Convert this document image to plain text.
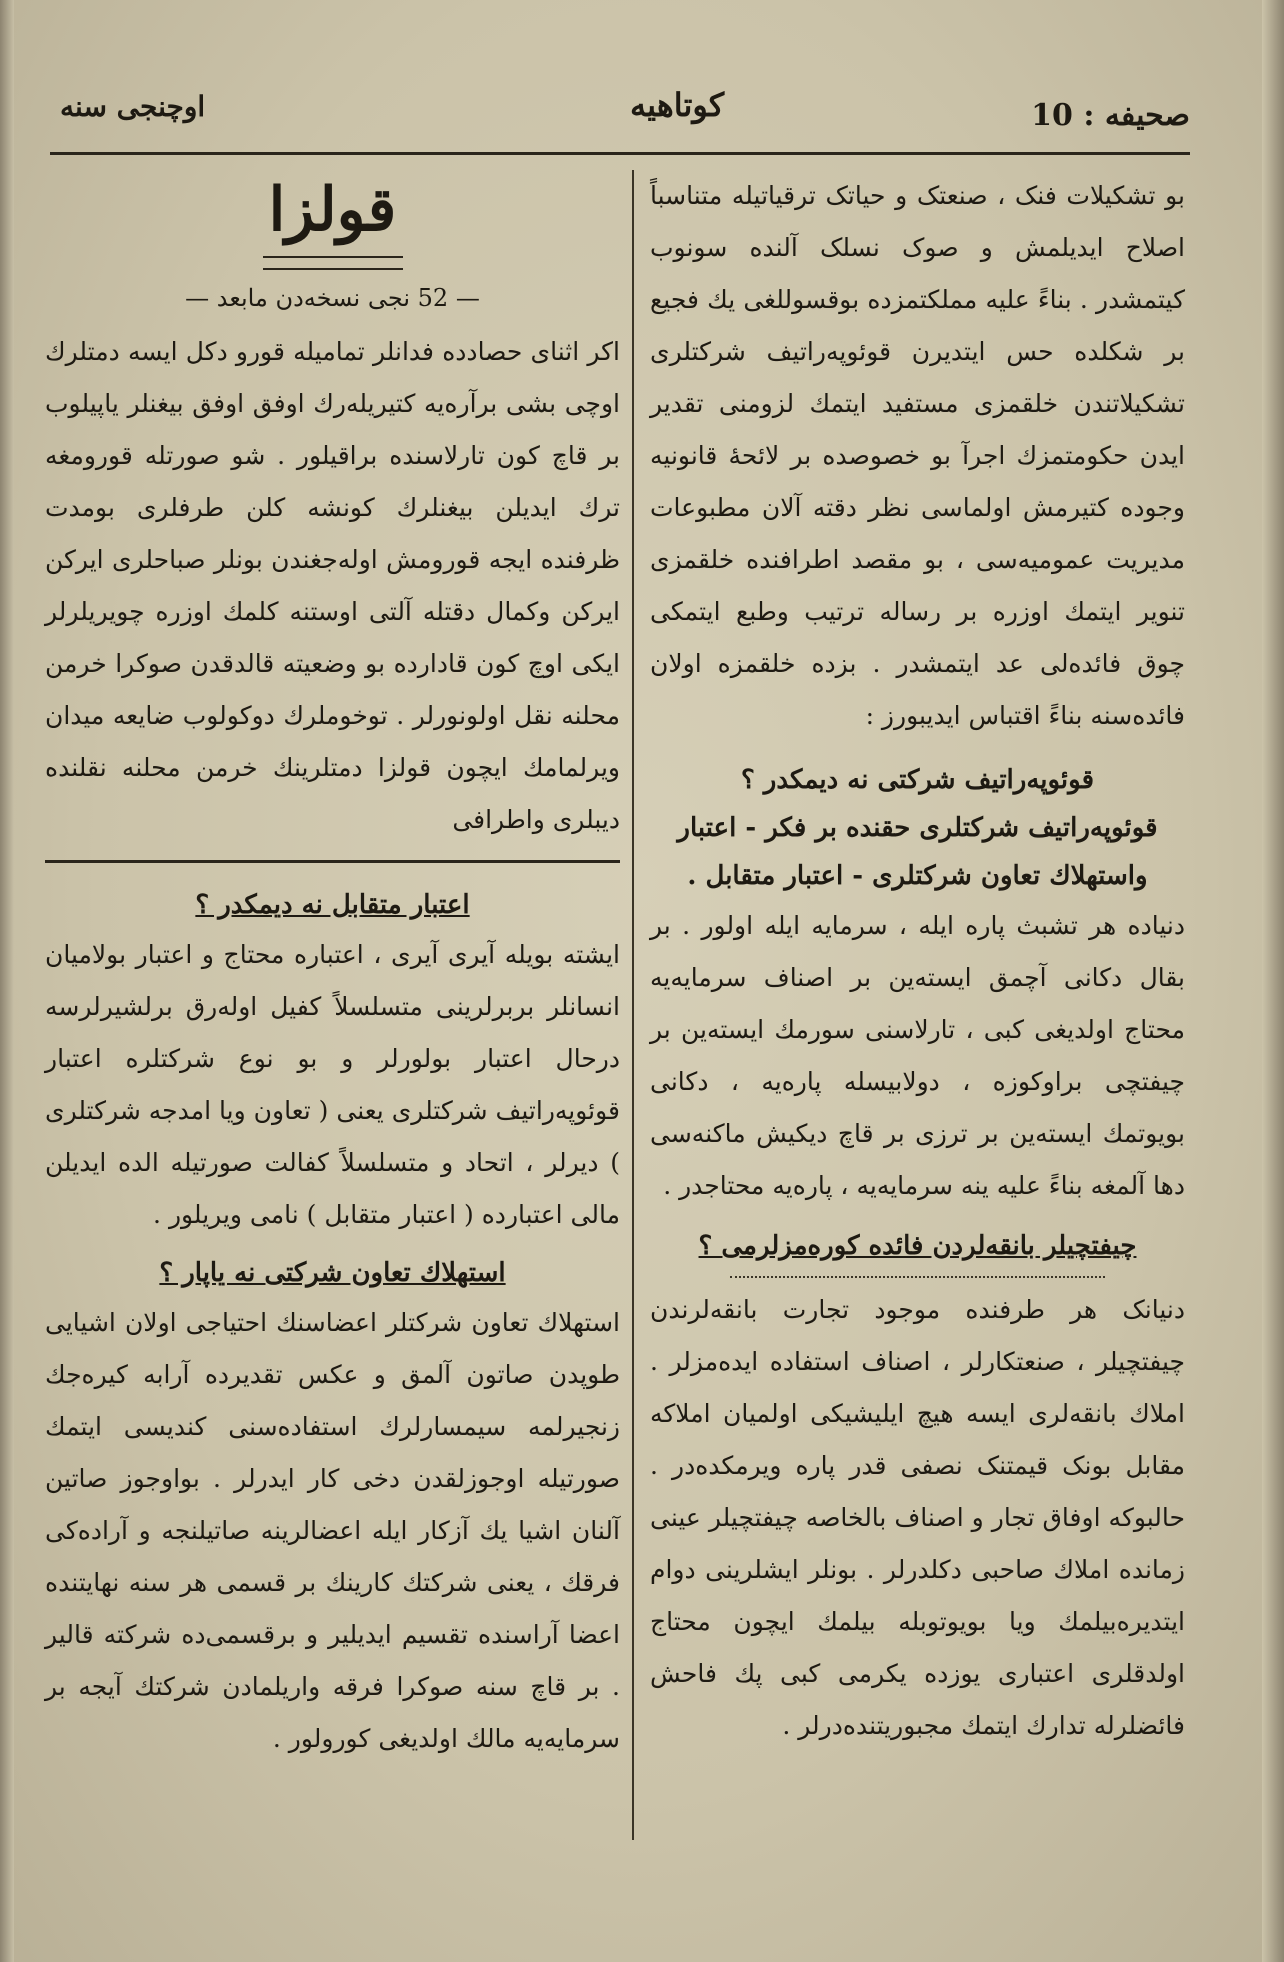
اوچنجی سنه	کوتاهیه	صحیفه : 10

بو تشکیلات فنک ، صنعتک و حیاتک ترقیاتیله متناسباً اصلاح ایدیلمش و صوک نسلک آلنده سونوب کیتمشدر . بناءً علیه مملکتمزده بوقسوللغی یك فجیع بر شکلده حس ایتدیرن قوئوپه‌راتیف شرکتلری تشکیلاتندن خلقمزی مستفید ایتمك لزومنی تقدیر ایدن حکومتمزك اجرآ بو خصوصده بر لائحهٔ قانونیه وجوده کتیرمش اولماسی نظر دقته آلان مطبوعات مدیریت عمومیه‌سی ، بو مقصد اطرافنده خلقمزی تنویر ایتمك اوزره بر رساله ترتیب وطبع ایتمکی چوق فائده‌لی عد ایتمشدر . بزده خلقمزه اولان فائده‌سنه بناءً اقتباس ایدیبورز :

قوئوپه‌راتیف شرکتی نه دیمکدر ؟
قوئوپه‌راتیف شرکتلری حقنده بر فکر - اعتبار واستهلاك تعاون شرکتلری - اعتبار متقابل .

دنیاده هر تشبث پاره ایله ، سرمایه ایله اولور . بر بقال دکانی آچمق ایسته‌ین بر اصناف سرمایه‌یه محتاج اولدیغی کبی ، تارلاسنی سورمك ایسته‌ین بر چیفتچی براوکوزه ، دولابیسله پاره‌یه ، دکانی بویوتمك ایسته‌ین بر ترزی بر قاچ دیکیش ماکنه‌سی دها آلمغه بناءً علیه ینه سرمایه‌یه ، پاره‌یه محتاجدر .

چیفتچیلر بانقه‌لردن فائده کوره‌مزلرمی ؟

دنیانک هر طرفنده موجود تجارت بانقه‌لرندن چیفتچیلر ، صنعتکارلر ، اصناف استفاده ایده‌مزلر . املاك بانقه‌لری ایسه هیچ ایلیشیکی اولمیان املاکه مقابل بونک قیمتنک نصفی قدر پاره ویرمکده‌در . حالبوکه اوفاق تجار و اصناف بالخاصه چیفتچیلر عینی زمانده املاك صاحبی دکلدرلر . بونلر ایشلرینی دوام ایتدیره‌بیلمك ویا بویوتوبله بیلمك ایچون محتاج اولدقلری اعتباری یوزده یکرمی کبی پك فاحش فائضلرله تدارك ایتمك مجبوریتنده‌درلر .

قولزا
— 52 نجی نسخه‌دن مابعد —

اکر اثنای حصادده فدانلر تماميله قورو دکل ایسه دمتلرك اوچی بشی برآره‌یه کتیریله‌رك اوفق اوفق بیغنلر یاپیلوب بر قاچ کون تارلاسنده براقیلور . شو صورتله قورومغه ترك ایدیلن بیغنلرك کونشه کلن طرفلری بومدت ظرفنده ایجه قورومش اوله‌جغندن بونلر صباحلری ایرکن ایرکن وکمال دقتله آلتی اوستنه کلمك اوزره چویریلرلر ایکی اوچ کون قادارده بو وضعیته قالدقدن صوکرا خرمن محلنه نقل اولونورلر . توخوملرك دوکولوب ضایعه میدان ویرلمامك ایچون قولزا دمتلرینك خرمن محلنه نقلنده دیبلری واطرافی

اعتبار متقابل نه دیمکدر ؟

ایشته بویله آیری آیری ، اعتباره محتاج و اعتبار بولامیان انسانلر بربرلرینی متسلسلاً کفیل اوله‌رق برلشیرلرسه درحال اعتبار بولورلر و بو نوع شرکتلره اعتبار قوئوپه‌راتیف شرکتلری یعنی ( تعاون ویا امدجه شرکتلری ) دیرلر ، اتحاد و متسلسلاً کفالت صورتیله الده ایدیلن مالی اعتبارده ( اعتبار متقابل ) نامی ویریلور .

استهلاك تعاون شرکتی نه یاپار ؟

استهلاك تعاون شرکتلر اعضاسنك احتیاجی اولان اشیایی طوپدن صاتون آلمق و عکس تقدیرده آرابه کیره‌جك زنجیرلمه سیمسارلرك استفاده‌سنی کندیسی ایتمك صورتیله اوجوزلقدن دخی کار ایدرلر . بواوجوز صاتین آلنان اشیا یك آزکار ایله اعضالرینه صاتیلنجه و آراده‌کی فرقك ، یعنی شرکتك کارینك بر قسمی هر سنه نهایتنده اعضا آراسنده تقسیم ایدیلیر و برقسمی‌ده شرکته قالیر . بر قاچ سنه صوکرا فرقه واریلمادن شرکتك آیجه بر سرمایه‌یه مالك اولدیغی کورولور .
